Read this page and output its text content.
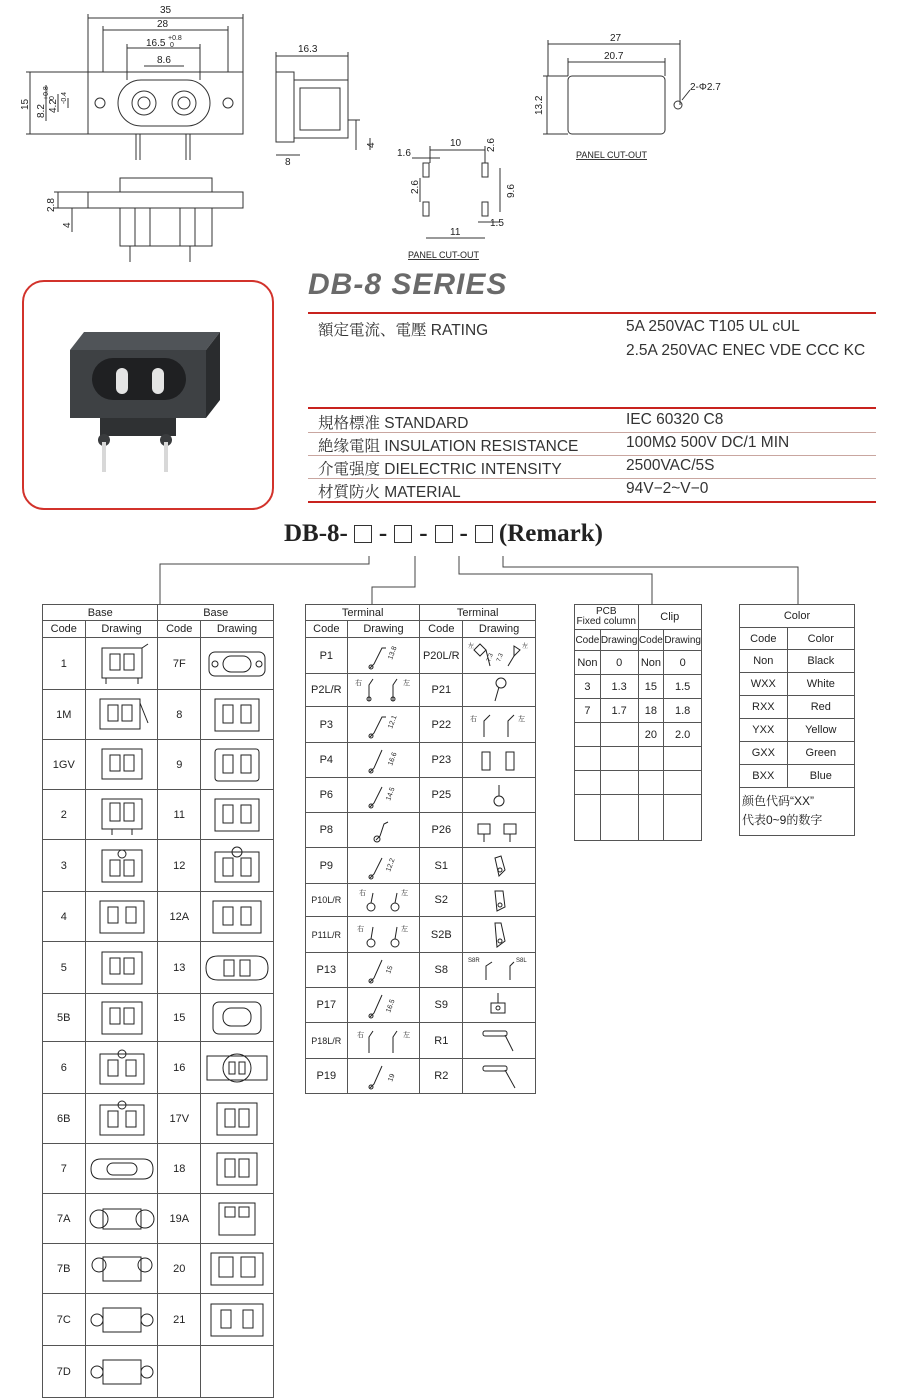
35
28
16.5 +0.8
0
8.6
15 8.2 4.2
+0.8 0 -0.4
16.3
8
4
2.8
4
10
1.6
2.6
2.6	9.6
1.5
11
PANEL CUT-OUT
27
20.7
13.2
2-Φ2.7
PANEL CUT-OUT
DB-8 SERIES
額定電流、電壓 RATING	5A 250VAC T105 UL cUL
2.5A 250VAC ENEC VDE CCC KC
規格標准 STANDARD	IEC 60320 C8
絶缘電阻 INSULATION RESISTANCE	100MΩ 500V DC/1 MIN
介電强度 DIELECTRIC INTENSITY	2500VAC/5S
材質防火 MATERIAL	94V−2~V−0
DB-8- - - - (Remark)
Base		Base	
Code	Drawing	Code	Drawing
1		7F	

1M		8	

1GV		9	

2		11	

3		12	

4		12A	

5		13	

5B		15	

6		16	

6B		17V	

7		18	

7A		19A	

7B		20	

7C		21	

7D	

Terminal		Terminal	
Code	Drawing	Code	Drawing
P1	13.8	P20L/R	7.3 7.3
左 左

P2L/R	右 左	P21	

P3	12.1	P22	右 左

P4	16.6	P23	

P6	14.5	P25	

P8		P26	

P9	12.2	S1	

P10L/R	右 左	S2	

P11L/R	右 左	S2B	

P13	15	S8	S8R S8L

P17	16.5	S9	

P18L/R	右 左	R1	

P19	19	R2	
PCB
Fixed column		Clip	
Code	Drawing	Code	Drawing
Non	0	Non	0
3	1.3	15	1.5
7	1.7	18	1.8
		20	2.0

Color	
Code	Color
Non	Black
WXX	White
RXX	Red
YXX	Yellow
GXX	Green
BXX	Blue

颜色代码“XX”
代表0~9的数字	
